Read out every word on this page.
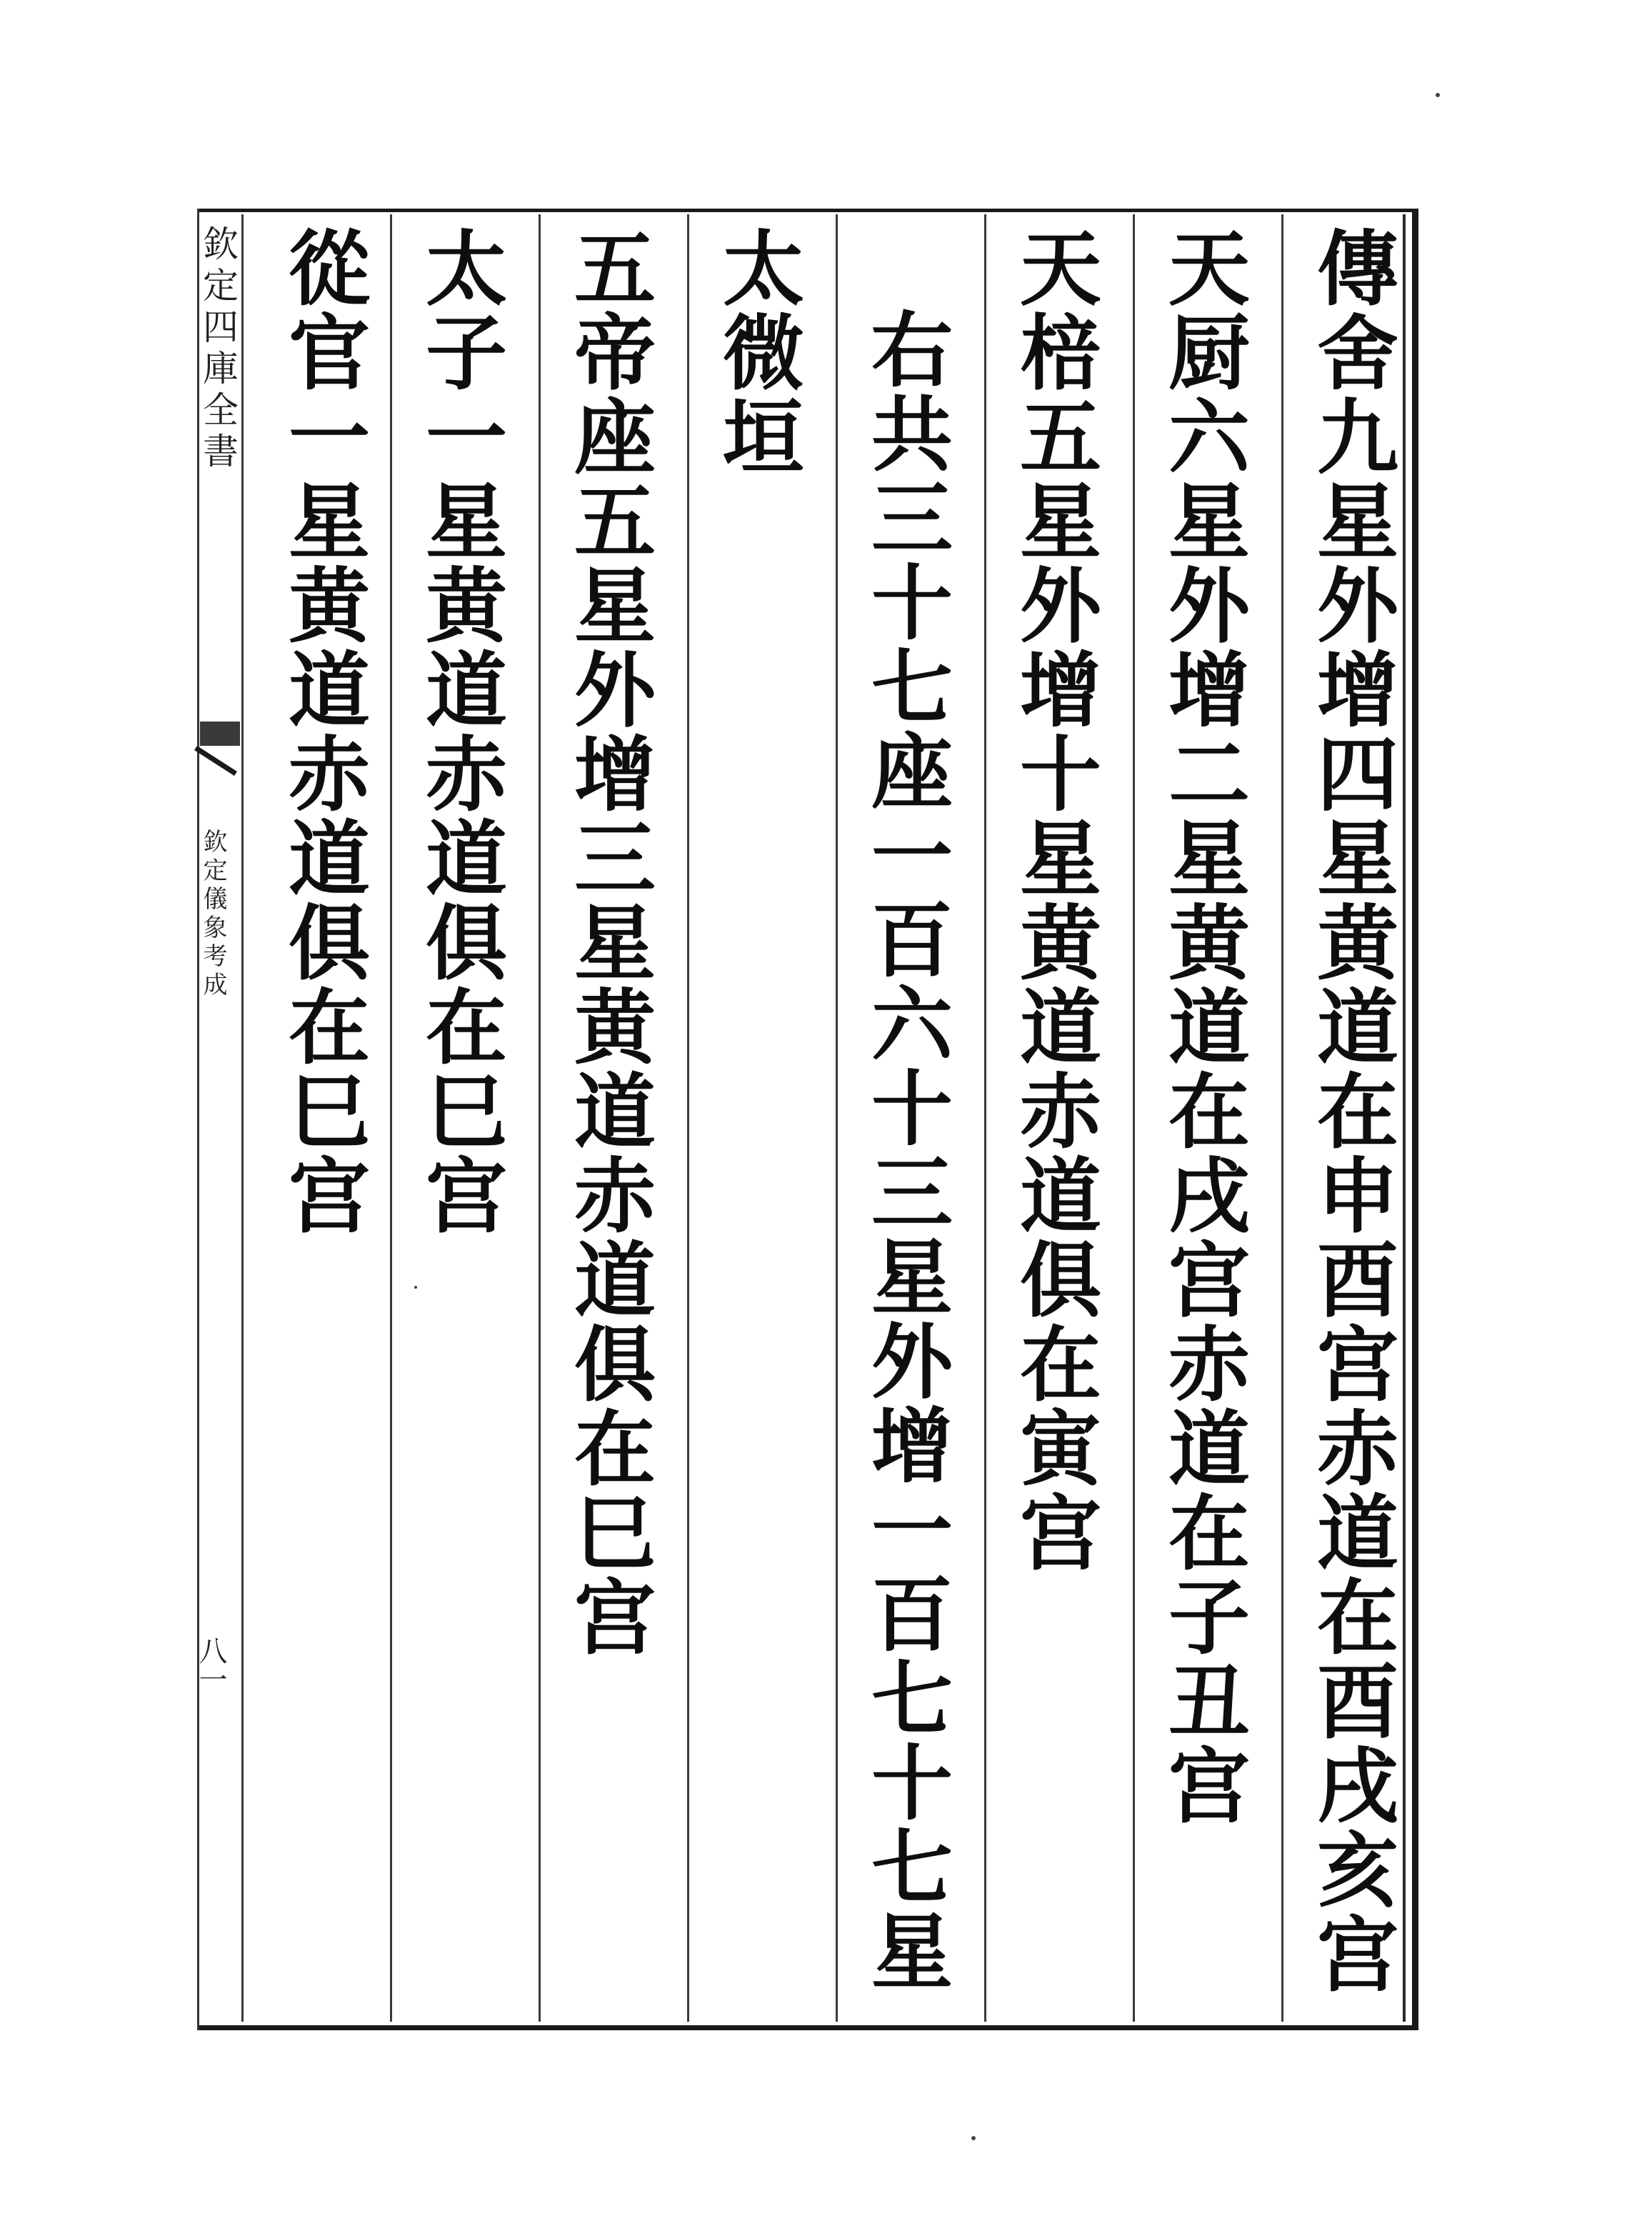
欽定四庫全書
欽定儀象考成
八一	傳舍九星外增四星黄道在申酉宫赤道在酉戌亥宫
天厨六星外增二星黄道在戌宫赤道在子丑宫
天棓五星外增十星黄道赤道俱在寅宫
右共三十七座一百六十三星外增一百七十七星
太微垣
五帝座五星外增三星黄道赤道俱在巳宫
太子一星黄道赤道俱在巳宫
從官一星黄道赤道俱在巳宫
